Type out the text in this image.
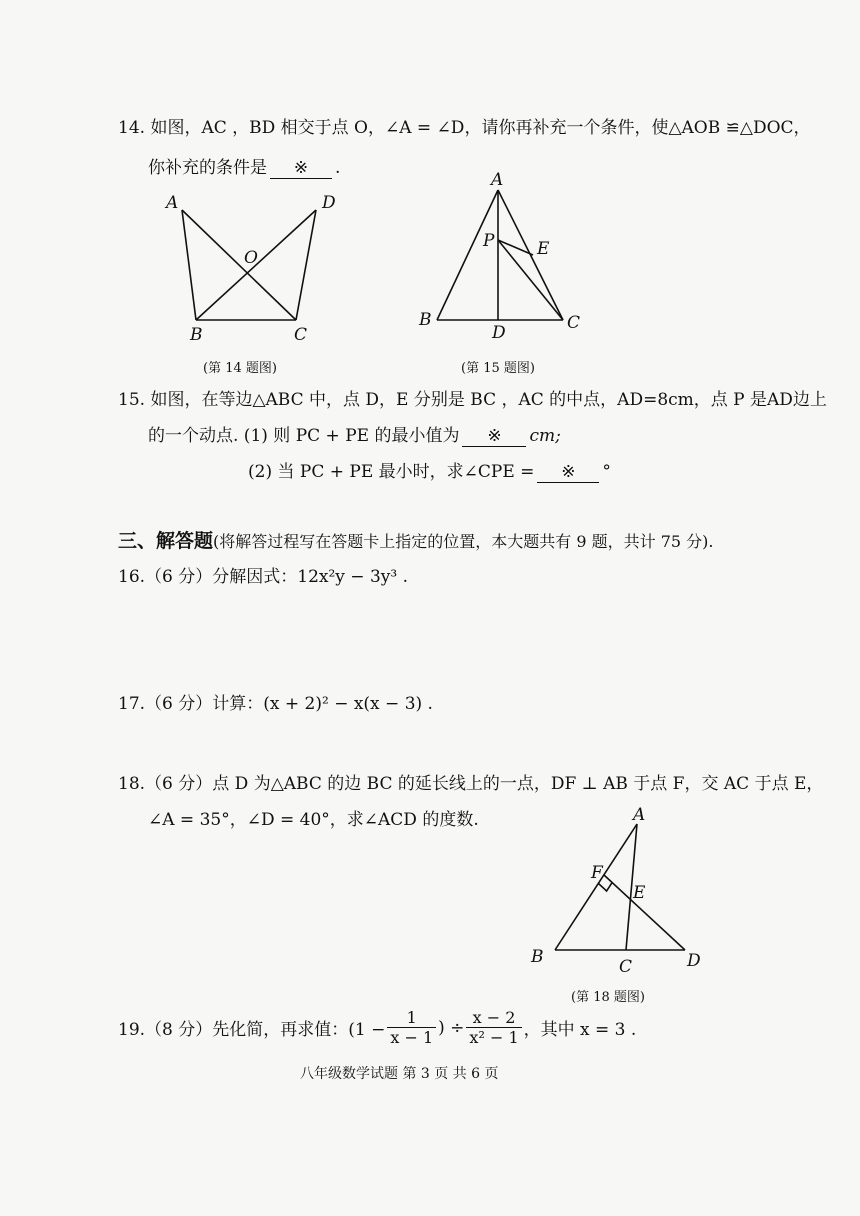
14. 如图，AC ，BD 相交于点 O，∠A = ∠D，请你再补充一个条件，使△AOB ≌△DOC，
你补充的条件是 ※ .
A	D
O
B	C
(第 14 题图)
A
P	E
B
D	C
(第 15 题图)
15. 如图，在等边△ABC 中，点 D，E 分别是 BC ，AC 的中点，AD=8cm，点 P 是AD边上
的一个动点. (1) 则 PC + PE 的最小值为 ※ cm;
(2) 当 PC + PE 最小时，求∠CPE = ※ °
三、解答题(将解答过程写在答题卡上指定的位置，本大题共有 9 题，共计 75 分).
16.（6 分）分解因式：12x²y − 3y³ .
17.（6 分）计算：(x + 2)² − x(x − 3) .
18.（6 分）点 D 为△ABC 的边 BC 的延长线上的一点，DF ⊥ AB 于点 F，交 AC 于点 E，
∠A = 35°，∠D = 40°，求∠ACD 的度数.	A
F
E
B	C	D
(第 18 题图)
19.（8 分）先化简，再求值：($1 - \frac{1}{x - 1}$ ) ÷ $\frac{x - 2}{\text{x² − 1}}$ ，其中 x = 3 .
八年级数学试题 第 3 页 共 6 页
